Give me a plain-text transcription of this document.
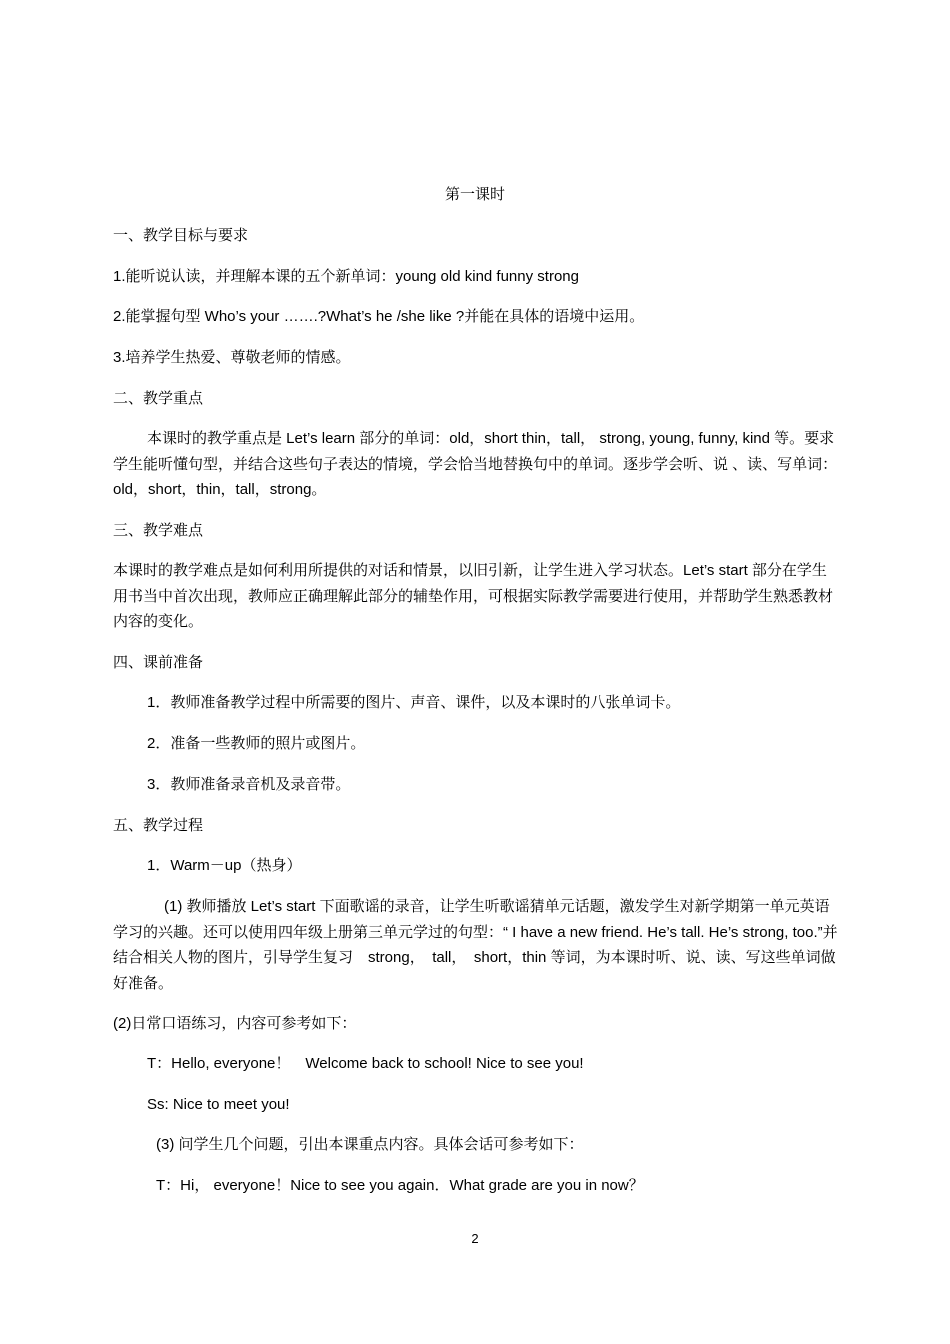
第一课时
一、教学目标与要求
1.能听说认读，并理解本课的五个新单词：young old kind funny strong
2.能掌握句型 Who’s your …….?What’s he /she like ?并能在具体的语境中运用。
3.培养学生热爱、尊敬老师的情感。
二、教学重点
本课时的教学重点是 Let’s learn 部分的单词：old，short thin，tall， strong, young, funny, kind 等。要求学生能听懂句型，并结合这些句子表达的情境，学会恰当地替换句中的单词。逐步学会听、说 、读、写单词：old，short，thin，tall，strong。
三、教学难点
本课时的教学难点是如何利用所提供的对话和情景，以旧引新，让学生进入学习状态。Let’s start 部分在学生用书当中首次出现，教师应正确理解此部分的辅垫作用，可根据实际教学需要进行使用，并帮助学生熟悉教材内容的变化。
四、课前准备
1．教师准备教学过程中所需要的图片、声音、课件，以及本课时的八张单词卡。
2．准备一些教师的照片或图片。
3．教师准备录音机及录音带。
五、教学过程
1．Warm－up（热身）
(1) 教师播放 Let’s start 下面歌谣的录音，让学生听歌谣猜单元话题，激发学生对新学期第一单元英语学习的兴趣。还可以使用四年级上册第三单元学过的句型：“ I have a new friend. He’s tall. He’s strong, too.”并结合相关人物的图片，引导学生复习　strong，　tall，　short，thin 等词，为本课时听、说、读、写这些单词做好准备。
(2)日常口语练习，内容可参考如下：
T：Hello, everyone！　Welcome back to school! Nice to see you!
Ss: Nice to meet you!
(3) 问学生几个问题，引出本课重点内容。具体会话可参考如下：
T：Hi， everyone！Nice to see you again．What grade are you in now？
2
